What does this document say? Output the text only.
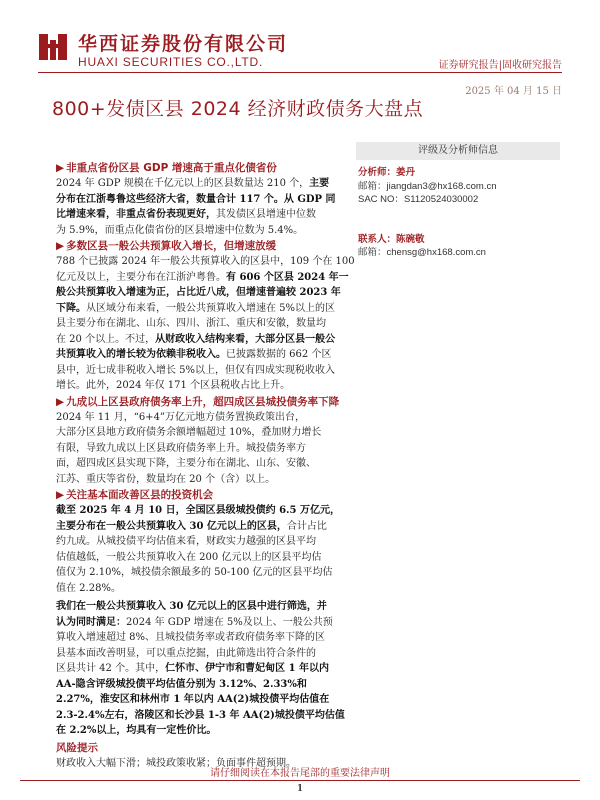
华西证券股份有限公司
HUAXI SECURITIES CO.,LTD.	证券研究报告|固收研究报告
2025 年 04 月 15 日
800+发债区县 2024 经济财政债务大盘点
▶ 非重点省份区县 GDP 增速高于重点化债省份
2024 年 GDP 规模在千亿元以上的区县数量达 210 个，主要
分布在江浙粤鲁这些经济大省，数量合计 117 个。从 GDP 同
比增速来看，非重点省份表现更好，其发债区县增速中位数
为 5.9%，而重点化债省份的区县增速中位数为 5.4%。
▶ 多数区县一般公共预算收入增长，但增速放缓
788 个已披露 2024 年一般公共预算收入的区县中，109 个在 100
亿元及以上，主要分布在江浙沪粤鲁。有 606 个区县 2024 年一
般公共预算收入增速为正，占比近八成，但增速普遍较 2023 年
下降。从区域分布来看，一般公共预算收入增速在 5%以上的区
县主要分布在湖北、山东、四川、浙江、重庆和安徽，数量均
在 20 个以上。不过，从财政收入结构来看，大部分区县一般公
共预算收入的增长较为依赖非税收入。已披露数据的 662 个区
县中，近七成非税收入增长 5%以上，但仅有四成实现税收收入
增长。此外，2024 年仅 171 个区县税收占比上升。
▶ 九成以上区县政府债务率上升，超四成区县城投债务率下降
2024 年 11 月，“6+4”万亿元地方债务置换政策出台，
大部分区县地方政府债务余额增幅超过 10%，叠加财力增长
有限，导致九成以上区县政府债务率上升。城投债务率方
面，超四成区县实现下降，主要分布在湖北、山东、安徽、
江苏、重庆等省份，数量均在 20 个（含）以上。
▶ 关注基本面改善区县的投资机会
截至 2025 年 4 月 10 日，全国区县级城投债约 6.5 万亿元，
主要分布在一般公共预算收入 30 亿元以上的区县，合计占比
约九成。从城投债平均估值来看，财政实力越强的区县平均
估值越低，一般公共预算收入在 200 亿元以上的区县平均估
值仅为 2.10%，城投债余额最多的 50-100 亿元的区县平均估
值在 2.28%。
我们在一般公共预算收入 30 亿元以上的区县中进行筛选，并
认为同时满足：2024 年 GDP 增速在 5%及以上、一般公共预
算收入增速超过 8%、且城投债务率或者政府债务率下降的区
县基本面改善明显，可以重点挖掘，由此筛选出符合条件的
区县共计 42 个。其中，仁怀市、伊宁市和曹妃甸区 1 年以内
AA-隐含评级城投债平均估值分别为 3.12%、2.33%和
2.27%，淮安区和林州市 1 年以内 AA(2)城投债平均估值在
2.3-2.4%左右，洛陵区和长沙县 1-3 年 AA(2)城投债平均估值
在 2.2%以上，均具有一定性价比。
风险提示
财政收入大幅下滑；城投政策收紧；负面事件超预期。
评级及分析师信息
分析师：姜丹
邮箱：jiangdan3@hx168.com.cn
SAC NO：S1120524030002
联系人：陈碗敬
邮箱：chensg@hx168.com.cn
请仔细阅读在本报告尾部的重要法律声明
1
